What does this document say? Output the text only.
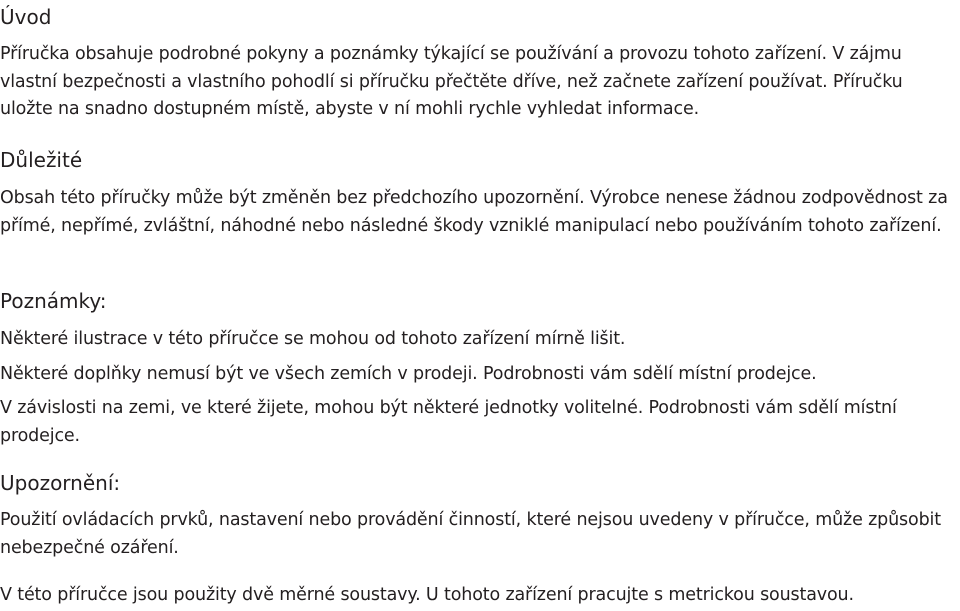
Úvod

Příručka obsahuje podrobné pokyny a poznámky týkající se používání a provozu tohoto zařízení. V zájmu vlastní bezpečnosti a vlastního pohodlí si příručku přečtěte dříve, než začnete zařízení používat. Příručku uložte na snadno dostupném místě, abyste v ní mohli rychle vyhledat informace.

Důležité

Obsah této příručky může být změněn bez předchozího upozornění. Výrobce nenese žádnou zodpovědnost za přímé, nepřímé, zvláštní, náhodné nebo následné škody vzniklé manipulací nebo používáním tohoto zařízení.

Poznámky:

Některé ilustrace v této příručce se mohou od tohoto zařízení mírně lišit.

Některé doplňky nemusí být ve všech zemích v prodeji. Podrobnosti vám sdělí místní prodejce.

V závislosti na zemi, ve které žijete, mohou být některé jednotky volitelné. Podrobnosti vám sdělí místní prodejce.

Upozornění:

Použití ovládacích prvků, nastavení nebo provádění činností, které nejsou uvedeny v příručce, může způsobit nebezpečné ozáření.

V této příručce jsou použity dvě měrné soustavy. U tohoto zařízení pracujte s metrickou soustavou.
